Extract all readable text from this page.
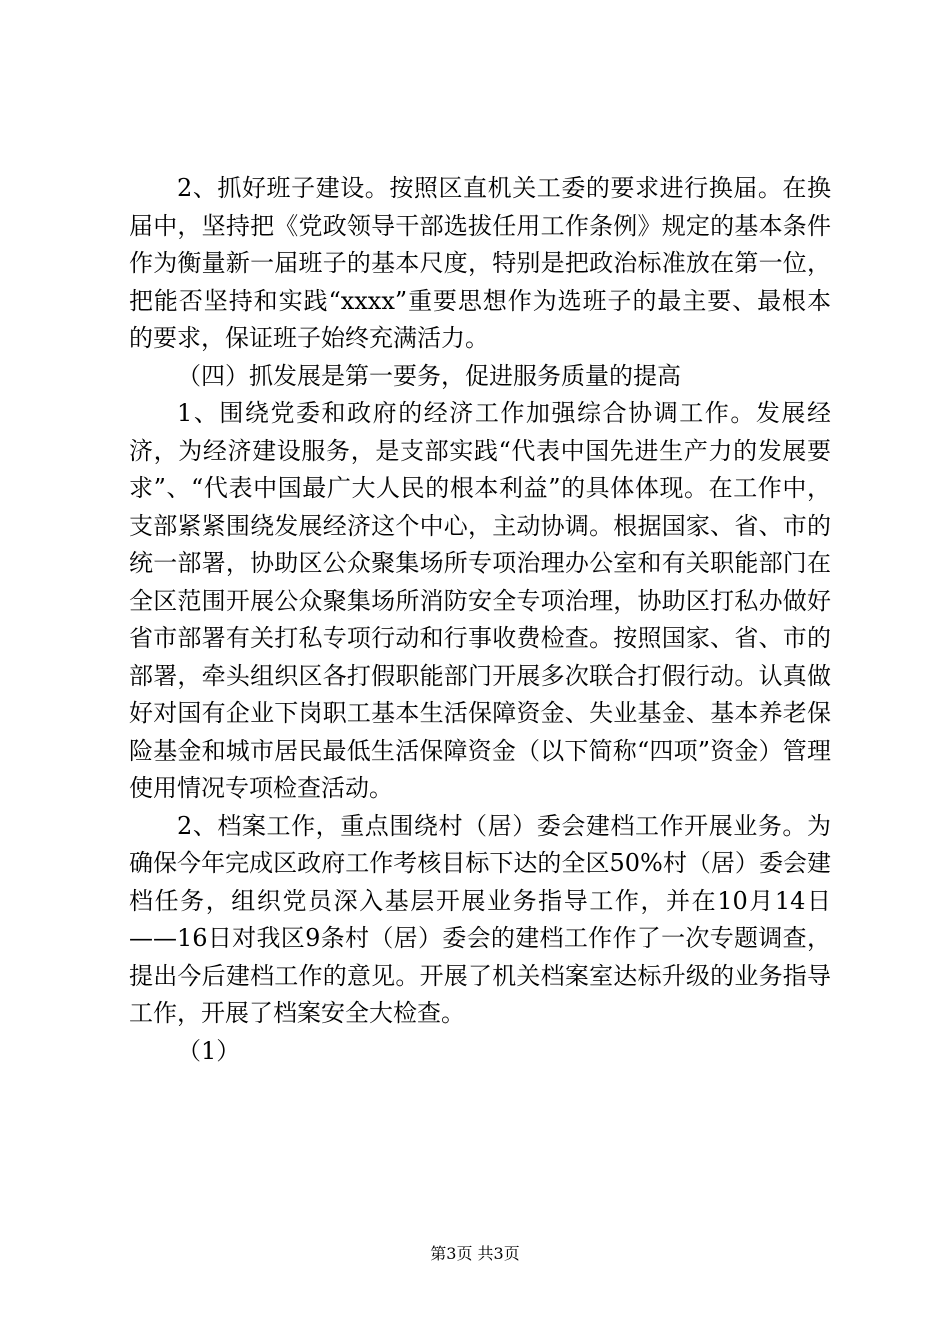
2、抓好班子建设。按照区直机关工委的要求进行换届。在换届中，坚持把《党政领导干部选拔任用工作条例》规定的基本条件作为衡量新一届班子的基本尺度，特别是把政治标准放在第一位，把能否坚持和实践“xxxx”重要思想作为选班子的最主要、最根本的要求，保证班子始终充满活力。

（四）抓发展是第一要务，促进服务质量的提高

1、围绕党委和政府的经济工作加强综合协调工作。发展经济，为经济建设服务，是支部实践“代表中国先进生产力的发展要求”、“代表中国最广大人民的根本利益”的具体体现。在工作中，支部紧紧围绕发展经济这个中心，主动协调。根据国家、省、市的统一部署，协助区公众聚集场所专项治理办公室和有关职能部门在全区范围开展公众聚集场所消防安全专项治理，协助区打私办做好省市部署有关打私专项行动和行事收费检查。按照国家、省、市的部署，牵头组织区各打假职能部门开展多次联合打假行动。认真做好对国有企业下岗职工基本生活保障资金、失业基金、基本养老保险基金和城市居民最低生活保障资金（以下简称“四项”资金）管理使用情况专项检查活动。

2、档案工作，重点围绕村（居）委会建档工作开展业务。为确保今年完成区政府工作考核目标下达的全区50%村（居）委会建档任务，组织党员深入基层开展业务指导工作，并在10月14日——16日对我区9条村（居）委会的建档工作作了一次专题调查，提出今后建档工作的意见。开展了机关档案室达标升级的业务指导工作，开展了档案安全大检查。

（1）

第3页 共3页
